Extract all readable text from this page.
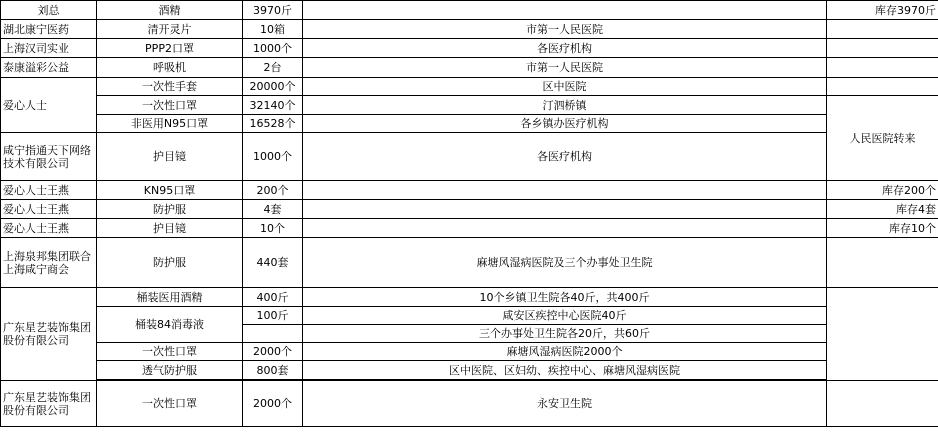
刘总	酒精	3970斤		库存3970斤
湖北康宁医药	清开灵片	10箱	市第一人民医院	
上海汉司实业	PPP2口罩	1000个	各医疗机构	
泰康溢彩公益	呼吸机	2台	市第一人民医院	
爱心人士	一次性手套	20000个	区中医院	
	一次性口罩	32140个	汀泗桥镇	人民医院转来
	非医用N95口罩	16528个	各乡镇办医疗机构	
咸宁指通天下网络技术有限公司	护目镜	1000个	各医疗机构	
爱心人士王燕	KN95口罩	200个		库存200个
爱心人士王燕	防护服	4套		库存4套
爱心人士王燕	护目镜	10个		库存10个
上海泉邦集团联合上海咸宁商会	防护服	440套	麻塘风湿病医院及三个办事处卫生院	
广东星艺装饰集团股份有限公司	桶装医用酒精	400斤	10个乡镇卫生院各40斤，共400斤	
	桶装84消毒液	100斤	咸安区疾控中心医院40斤	
			三个办事处卫生院各20斤，共60斤	
	一次性口罩	2000个	麻塘风湿病医院2000个	
	透气防护服	800套	区中医院、区妇幼、疾控中心、麻塘风湿病医院	

广东星艺装饰集团股份有限公司	一次性口罩	2000个	永安卫生院	
